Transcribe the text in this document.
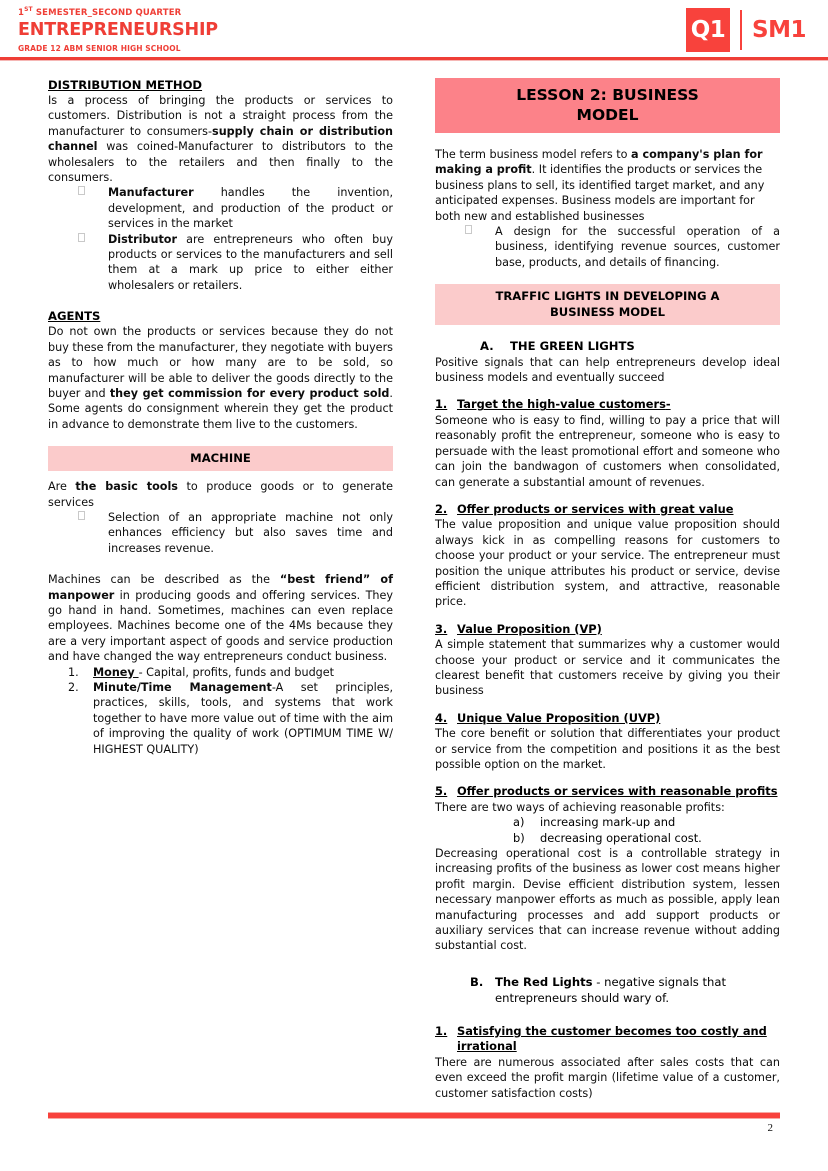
1ST SEMESTER_SECOND QUARTER
ENTREPRENEURSHIP
GRADE 12 ABM SENIOR HIGH SCHOOL
Q1 SM1
DISTRIBUTION METHOD

Is a process of bringing the products or services to customers. Distribution is not a straight process from the manufacturer to consumers-supply chain or distribution channel was coined-Manufacturer to distributors to the wholesalers to the retailers and then finally to the consumers.

Manufacturer handles the invention, development, and production of the product or services in the market
Distributor are entrepreneurs who often buy products or services to the manufacturers and sell them at a mark up price to either either wholesalers or retailers.
AGENTS

Do not own the products or services because they do not buy these from the manufacturer, they negotiate with buyers as to how much or how many are to be sold, so manufacturer will be able to deliver the goods directly to the buyer and they get commission for every product sold. Some agents do consignment wherein they get the product in advance to demonstrate them live to the customers.

MACHINE

Are the basic tools to produce goods or to generate services

Selection of an appropriate machine not only enhances efficiency but also saves time and increases revenue.

Machines can be described as the “best friend” of manpower in producing goods and offering services. They go hand in hand. Sometimes, machines can even replace employees. Machines become one of the 4Ms because they are a very important aspect of goods and service production and have changed the way entrepreneurs conduct business.

1. Money - Capital, profits, funds and budget
2. Minute/Time Management-A set principles, practices, skills, tools, and systems that work together to have more value out of time with the aim of improving the quality of work (OPTIMUM TIME W/ HIGHEST QUALITY)
LESSON 2: BUSINESS
MODEL

The term business model refers to a company's plan for making a profit. It identifies the products or services the business plans to sell, its identified target market, and any anticipated expenses. Business models are important for both new and established businesses

A design for the successful operation of a business, identifying revenue sources, customer base, products, and details of financing.
TRAFFIC LIGHTS IN DEVELOPING A
BUSINESS MODEL
A. THE GREEN LIGHTS

Positive signals that can help entrepreneurs develop ideal business models and eventually succeed

1. Target the high-value customers-

Someone who is easy to find, willing to pay a price that will reasonably profit the entrepreneur, someone who is easy to persuade with the least promotional effort and someone who can join the bandwagon of customers when consolidated, can generate a substantial amount of revenues.

2. Offer products or services with great value

The value proposition and unique value proposition should always kick in as compelling reasons for customers to choose your product or your service. The entrepreneur must position the unique attributes his product or service, devise efficient distribution system, and attractive, reasonable price.

3. Value Proposition (VP)

A simple statement that summarizes why a customer would choose your product or service and it communicates the clearest benefit that customers receive by giving you their business

4. Unique Value Proposition (UVP)

The core benefit or solution that differentiates your product or service from the competition and positions it as the best possible option on the market.

5. Offer products or services with reasonable profits

There are two ways of achieving reasonable profits:

a) increasing mark-up and
b) decreasing operational cost.

Decreasing operational cost is a controllable strategy in increasing profits of the business as lower cost means higher profit margin. Devise efficient distribution system, lessen necessary manpower efforts as much as possible, apply lean manufacturing processes and add support products or auxiliary services that can increase revenue without adding substantial cost.

B. The Red Lights - negative signals that entrepreneurs should wary of.
1. Satisfying the customer becomes too costly and
irrational

There are numerous associated after sales costs that can even exceed the profit margin (lifetime value of a customer, customer satisfaction costs)

2
